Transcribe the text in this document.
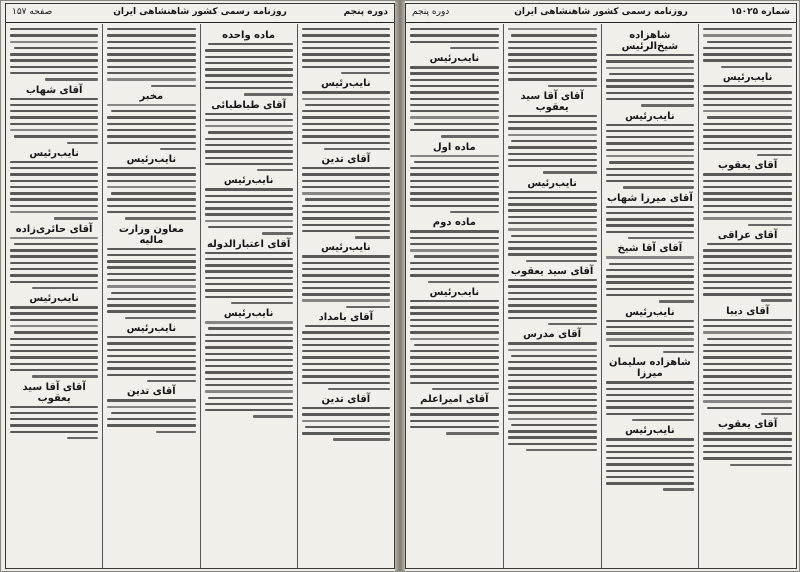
دوره پنجم
روزنامه رسمی کشور شاهنشاهی ایران
صفحه ۱۵۷
نایب‌رئیس
آقای تدین
نایب‌رئیس
آقای بامداد
آقای تدین
ماده واحده
آقای طباطبائی
نایب‌رئیس
آقای اعتبارالدوله
نایب‌رئیس
مخبر
نایب‌رئیس
معاون وزارت مالیه
نایب‌رئیس
آقای تدین
آقای شهاب
نایب‌رئیس
آقای حائری‌زاده
نایب‌رئیس
آقای آقا سید یعقوب
شماره ۱۵۰۲۵
روزنامه رسمی کشور شاهنشاهی ایران
دوره پنجم
نایب‌رئیس
آقای یعقوب
آقای عراقی
آقای دیبا
آقای یعقوب
شاهزاده شیخ‌الرئیس
نایب‌رئیس
آقای میرزا شهاب
آقای آقا شیخ
نایب‌رئیس
شاهزاده سلیمان میرزا
نایب‌رئیس
آقای آقا سید یعقوب
نایب‌رئیس
آقای سید یعقوب
آقای مدرس
نایب‌رئیس
ماده اول
ماده دوم
نایب‌رئیس
آقای امیراعلم
